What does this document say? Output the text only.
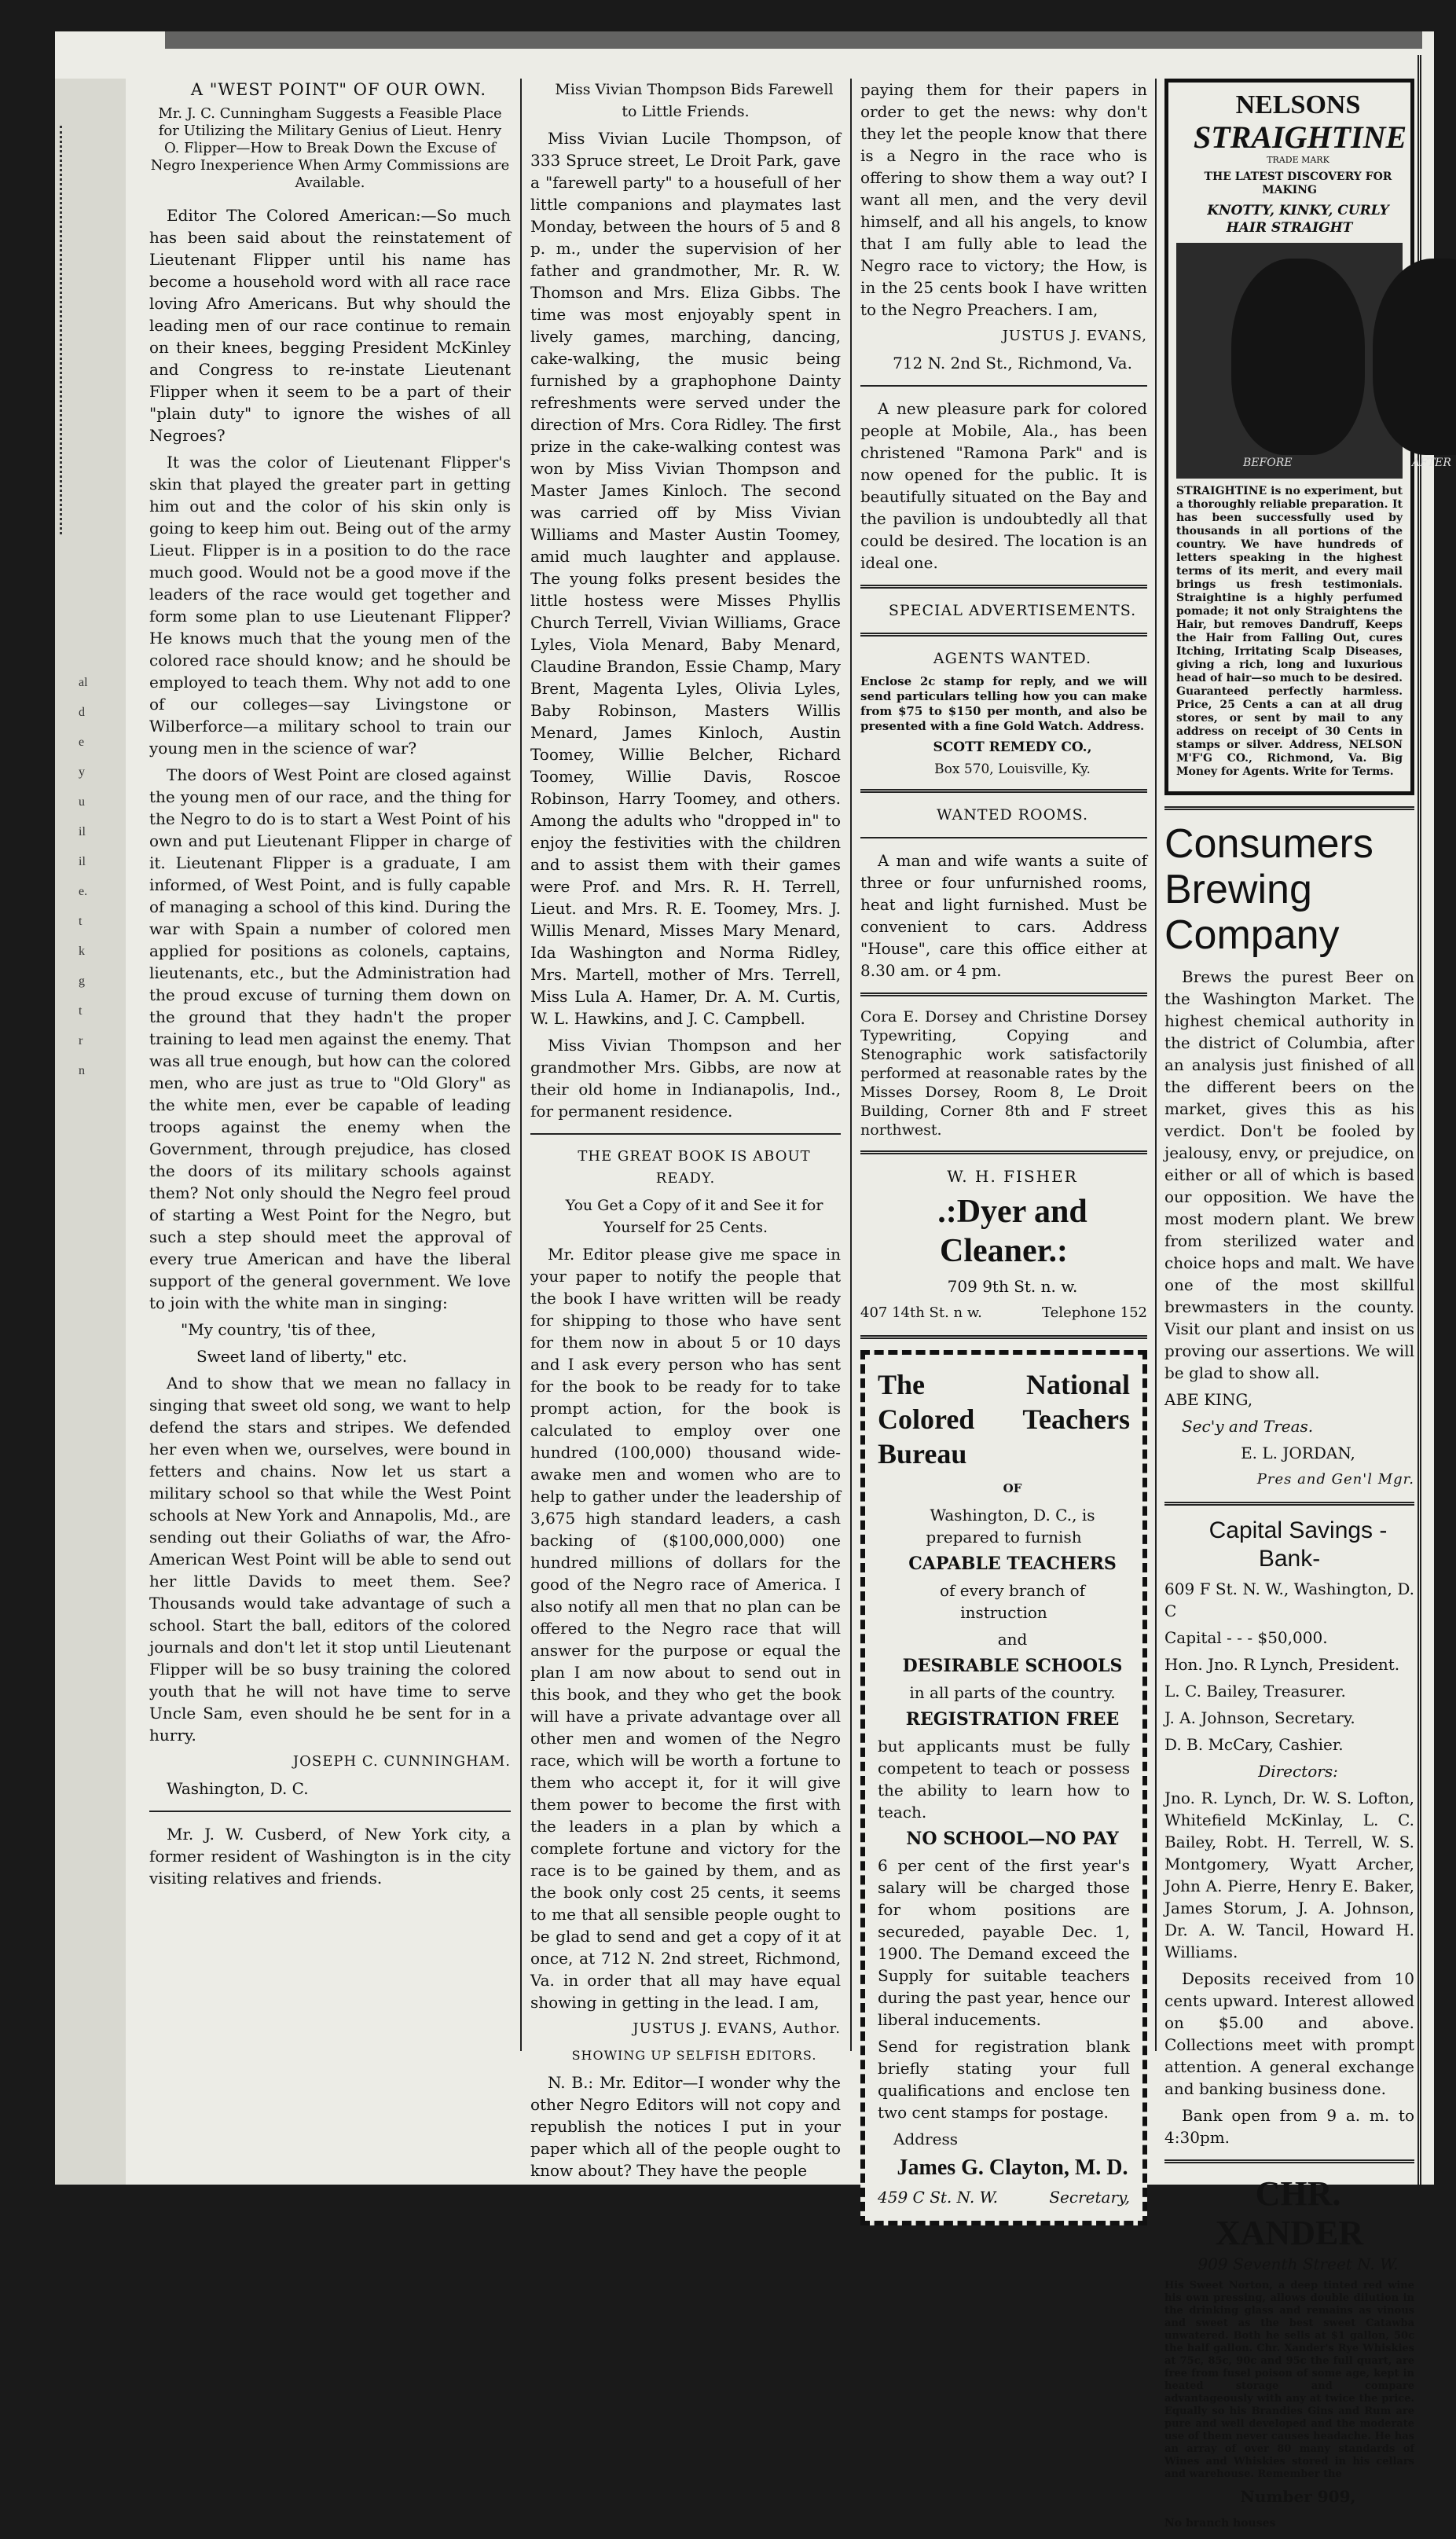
al
d
e
y
u
il
il
e.
t
k
g
t
r
n

A "WEST POINT" OF OUR OWN.

Mr. J. C. Cunningham Suggests a Feasible Place for Utilizing the Military Genius of Lieut. Henry O. Flipper—How to Break Down the Excuse of Negro Inexperience When Army Commissions are Available.

Editor The Colored American:—So much has been said about the reinstatement of Lieutenant Flipper until his name has become a household word with all race race loving Afro Americans. But why should the leading men of our race continue to remain on their knees, begging President McKinley and Congress to re-instate Lieutenant Flipper when it seem to be a part of their "plain duty" to ignore the wishes of all Negroes?

It was the color of Lieutenant Flipper's skin that played the greater part in getting him out and the color of his skin only is going to keep him out. Being out of the army Lieut. Flipper is in a position to do the race much good. Would not be a good move if the leaders of the race would get together and form some plan to use Lieutenant Flipper? He knows much that the young men of the colored race should know; and he should be employed to teach them. Why not add to one of our colleges—say Livingstone or Wilberforce—a military school to train our young men in the science of war?

The doors of West Point are closed against the young men of our race, and the thing for the Negro to do is to start a West Point of his own and put Lieutenant Flipper in charge of it. Lieutenant Flipper is a graduate, I am informed, of West Point, and is fully capable of managing a school of this kind. During the war with Spain a number of colored men applied for positions as colonels, captains, lieutenants, etc., but the Administration had the proud excuse of turning them down on the ground that they hadn't the proper training to lead men against the enemy. That was all true enough, but how can the colored men, who are just as true to "Old Glory" as the white men, ever be capable of leading troops against the enemy when the Government, through prejudice, has closed the doors of its military schools against them? Not only should the Negro feel proud of starting a West Point for the Negro, but such a step should meet the approval of every true American and have the liberal support of the general government. We love to join with the white man in singing:

"My country, 'tis of thee,

Sweet land of liberty," etc.

And to show that we mean no fallacy in singing that sweet old song, we want to help defend the stars and stripes. We defended her even when we, ourselves, were bound in fetters and chains. Now let us start a military school so that while the West Point schools at New York and Annapolis, Md., are sending out their Goliaths of war, the Afro-American West Point will be able to send out her little Davids to meet them. See? Thousands would take advantage of such a school. Start the ball, editors of the colored journals and don't let it stop until Lieutenant Flipper will be so busy training the colored youth that he will not have time to serve Uncle Sam, even should he be sent for in a hurry.

JOSEPH C. CUNNINGHAM.

Washington, D. C.

Mr. J. W. Cusberd, of New York city, a former resident of Washington is in the city visiting relatives and friends.

Miss Vivian Thompson Bids Farewell to Little Friends.

Miss Vivian Lucile Thompson, of 333 Spruce street, Le Droit Park, gave a "farewell party" to a housefull of her little companions and playmates last Monday, between the hours of 5 and 8 p. m., under the supervision of her father and grandmother, Mr. R. W. Thomson and Mrs. Eliza Gibbs. The time was most enjoyably spent in lively games, marching, dancing, cake-walking, the music being furnished by a graphophone Dainty refreshments were served under the direction of Mrs. Cora Ridley. The first prize in the cake-walking contest was won by Miss Vivian Thompson and Master James Kinloch. The second was carried off by Miss Vivian Williams and Master Austin Toomey, amid much laughter and applause. The young folks present besides the little hostess were Misses Phyllis Church Terrell, Vivian Williams, Grace Lyles, Viola Menard, Baby Menard, Claudine Brandon, Essie Champ, Mary Brent, Magenta Lyles, Olivia Lyles, Baby Robinson, Masters Willis Menard, James Kinloch, Austin Toomey, Willie Belcher, Richard Toomey, Willie Davis, Roscoe Robinson, Harry Toomey, and others. Among the adults who "dropped in" to enjoy the festivities with the children and to assist them with their games were Prof. and Mrs. R. H. Terrell, Lieut. and Mrs. R. E. Toomey, Mrs. J. Willis Menard, Misses Mary Menard, Ida Washington and Norma Ridley, Mrs. Martell, mother of Mrs. Terrell, Miss Lula A. Hamer, Dr. A. M. Curtis, W. L. Hawkins, and J. C. Campbell.

Miss Vivian Thompson and her grandmother Mrs. Gibbs, are now at their old home in Indianapolis, Ind., for permanent residence.

THE GREAT BOOK IS ABOUT READY.

You Get a Copy of it and See it for Yourself for 25 Cents.

Mr. Editor please give me space in your paper to notify the people that the book I have written will be ready for shipping to those who have sent for them now in about 5 or 10 days and I ask every person who has sent for the book to be ready for to take prompt action, for the book is calculated to employ over one hundred (100,000) thousand wide-awake men and women who are to help to gather under the leadership of 3,675 high standard leaders, a cash backing of ($100,000,000) one hundred millions of dollars for the good of the Negro race of America. I also notify all men that no plan can be offered to the Negro race that will answer for the purpose or equal the plan I am now about to send out in this book, and they who get the book will have a private advantage over all other men and women of the Negro race, which will be worth a fortune to them who accept it, for it will give them power to become the first with the leaders in a plan by which a complete fortune and victory for the race is to be gained by them, and as the book only cost 25 cents, it seems to me that all sensible people ought to be glad to send and get a copy of it at once, at 712 N. 2nd street, Richmond, Va. in order that all may have equal showing in getting in the lead. I am,

JUSTUS J. EVANS, Author.

SHOWING UP SELFISH EDITORS.

N. B.: Mr. Editor—I wonder why the other Negro Editors will not copy and republish the notices I put in your paper which all of the people ought to know about? They have the people

paying them for their papers in order to get the news: why don't they let the people know that there is a Negro in the race who is offering to show them a way out? I want all men, and the very devil himself, and all his angels, to know that I am fully able to lead the Negro race to victory; the How, is in the 25 cents book I have written to the Negro Preachers. I am,

JUSTUS J. EVANS,

712 N. 2nd St., Richmond, Va.

A new pleasure park for colored people at Mobile, Ala., has been christened "Ramona Park" and is now opened for the public. It is beautifully situated on the Bay and the pavilion is undoubtedly all that could be desired. The location is an ideal one.

SPECIAL ADVERTISEMENTS.

AGENTS WANTED.

Enclose 2c stamp for reply, and we will send particulars telling how you can make from $75 to $150 per month, and also be presented with a fine Gold Watch. Address.

SCOTT REMEDY CO.,

Box 570, Louisville, Ky.

WANTED ROOMS.

A man and wife wants a suite of three or four unfurnished rooms, heat and light furnished. Must be convenient to cars. Address "House", care this office either at 8.30 am. or 4 pm.

Cora E. Dorsey and Christine Dorsey Typewriting, Copying and Stenographic work satisfactorily performed at reasonable rates by the Misses Dorsey, Room 8, Le Droit Building, Corner 8th and F street northwest.

W. H. FISHER

.:Dyer and Cleaner.:

709 9th St. n. w.

407 14th St. n w.	Telephone 152

The National Colored Teachers Bureau

OF

Washington, D. C., is prepared to furnish

CAPABLE TEACHERS

of every branch of instruction

and

DESIRABLE SCHOOLS

in all parts of the country.

REGISTRATION FREE

but applicants must be fully competent to teach or possess the ability to learn how to teach.

NO SCHOOL—NO PAY

6 per cent of the first year's salary will be charged those for whom positions are secureded, payable Dec. 1, 1900. The Demand exceed the Supply for suitable teachers during the past year, hence our liberal inducements.

Send for registration blank briefly stating your full qualifications and enclose ten two cent stamps for postage.

Address

James G. Clayton, M. D.

459 C St. N. W.	Secretary,

NELSONS

STRAIGHTINE

TRADE MARK

THE LATEST DISCOVERY FOR MAKING

KNOTTY, KINKY, CURLY HAIR STRAIGHT

BEFORE	AFTER

STRAIGHTINE is no experiment, but a thoroughly reliable preparation. It has been successfully used by thousands in all portions of the country. We have hundreds of letters speaking in the highest terms of its merit, and every mail brings us fresh testimonials. Straightine is a highly perfumed pomade; it not only Straightens the Hair, but removes Dandruff, Keeps the Hair from Falling Out, cures Itching, Irritating Scalp Diseases, giving a rich, long and luxurious head of hair—so much to be desired. Guaranteed perfectly harmless. Price, 25 Cents a can at all drug stores, or sent by mail to any address on receipt of 30 Cents in stamps or silver. Address, NELSON M'F'G CO., Richmond, Va. Big Money for Agents. Write for Terms.

Consumers Brewing Company

Brews the purest Beer on the Washington Market. The highest chemical authority in the district of Columbia, after an analysis just finished of all the different beers on the market, gives this as his verdict. Don't be fooled by jealousy, envy, or prejudice, on either or all of which is based our opposition. We have the most modern plant. We brew from sterilized water and choice hops and malt. We have one of the most skillful brewmasters in the county. Visit our plant and insist on us proving our assertions. We will be glad to show all.

ABE KING,

Sec'y and Treas.

E. L. JORDAN,

Pres and Gen'l Mgr.

Capital Savings -Bank-

609 F St. N. W., Washington, D. C

Capital - - - $50,000.

Hon. Jno. R Lynch, President.

L. C. Bailey, Treasurer.

J. A. Johnson, Secretary.

D. B. McCary, Cashier.

Directors:

Jno. R. Lynch, Dr. W. S. Lofton, Whitefield McKinlay, L. C. Bailey, Robt. H. Terrell, W. S. Montgomery, Wyatt Archer, John A. Pierre, Henry E. Baker, James Storum, J. A. Johnson, Dr. A. W. Tancil, Howard H. Williams.

Deposits received from 10 cents upward. Interest allowed on $5.00 and above. Collections meet with prompt attention. A general exchange and banking business done.

Bank open from 9 a. m. to 4:30pm.

CHR. XANDER

909 Seventh Street N. W.

His Sweet Norton, a deep tinted red wine his own pressing, allows double dilution in the drinking glass and remains as vinous and sweet as the best sweet Catawba unwatered. Both he sells at $1 gallon, 50c the half gallon. Chr. Xander's Rye Whiskies at 75c, 85c, 90c and 95c the full quart, are free from fusel poison of some age, kept in heated storage and compare advantageously with any at twice the price. Equally so his Brandies Gins and Rum are pure and well developed and the moderate use of them never causes headache. He has an array of over 80 many standards of Wines and Whiskies stored in his cellars and warehouse. Remember the

Number 909,

No branch houses
